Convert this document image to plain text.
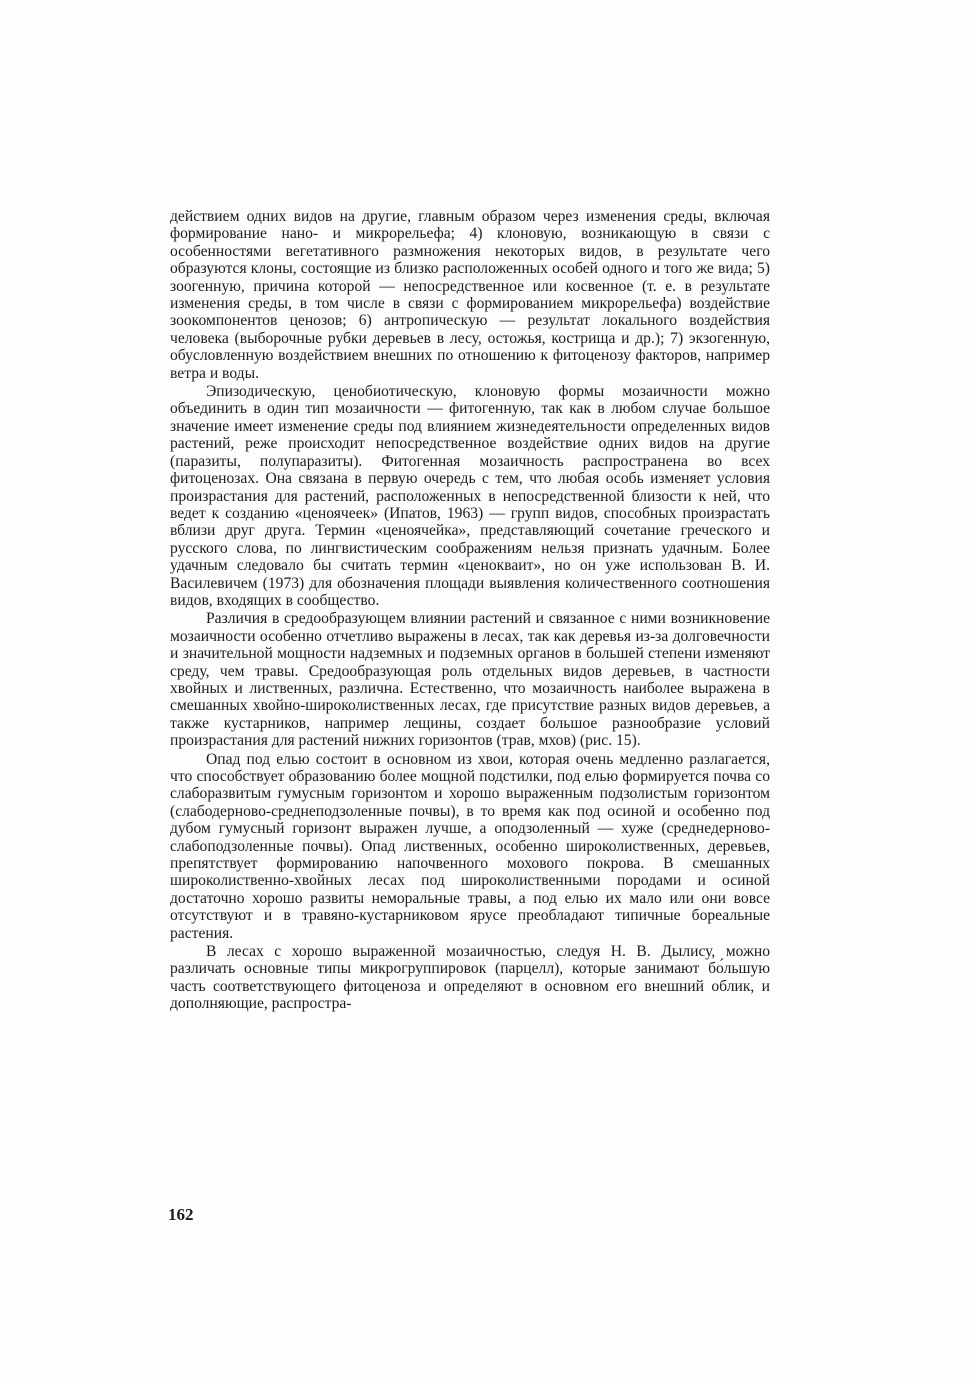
действием одних видов на другие, главным образом через изменения среды, включая формирование нано- и микрорельефа; 4) клоновую, возникающую в связи с особенностями вегетативного размножения некоторых видов, в результате чего образуются клоны, состоящие из близко расположенных особей одного и того же вида; 5) зоогенную, причина которой — непосредственное или косвенное (т. е. в результате изменения среды, в том числе в связи с формированием микрорельефа) воздействие зоокомпонентов ценозов; 6) антропическую — результат локального воздействия человека (выборочные рубки деревьев в лесу, остожья, кострища и др.); 7) экзогенную, обусловленную воздействием внешних по отношению к фитоценозу факторов, например ветра и воды.

Эпизодическую, ценобиотическую, клоновую формы мозаичности можно объединить в один тип мозаичности — фитогенную, так как в любом случае большое значение имеет изменение среды под влиянием жизнедеятельности определенных видов растений, реже происходит непосредственное воздействие одних видов на другие (паразиты, полупаразиты). Фитогенная мозаичность распространена во всех фитоценозах. Она связана в первую очередь с тем, что любая особь изменяет условия произрастания для растений, расположенных в непосредственной близости к ней, что ведет к созданию «ценоячеек» (Ипатов, 1963) — групп видов, способных произрастать вблизи друг друга. Термин «ценоячейка», представляющий сочетание греческого и русского слова, по лингвистическим соображениям нельзя признать удачным. Более удачным следовало бы считать термин «ценокваит», но он уже использован В. И. Василевичем (1973) для обозначения площади выявления количественного соотношения видов, входящих в сообщество.

Различия в средообразующем влиянии растений и связанное с ними возникновение мозаичности особенно отчетливо выражены в лесах, так как деревья из-за долговечности и значительной мощности надземных и подземных органов в большей степени изменяют среду, чем травы. Средообразующая роль отдельных видов деревьев, в частности хвойных и лиственных, различна. Естественно, что мозаичность наиболее выражена в смешанных хвойно-широколиственных лесах, где присутствие разных видов деревьев, а также кустарников, например лещины, создает большое разнообразие условий произрастания для растений нижних горизонтов (трав, мхов) (рис. 15).

Опад под елью состоит в основном из хвои, которая очень медленно разлагается, что способствует образованию более мощной подстилки, под елью формируется почва со слаборазвитым гумусным горизонтом и хорошо выраженным подзолистым горизонтом (слабодерново-среднеподзоленные почвы), в то время как под осиной и особенно под дубом гумусный горизонт выражен лучше, а оподзоленный — хуже (среднедерново-слабоподзоленные почвы). Опад лиственных, особенно широколиственных, деревьев, препятствует формированию напочвенного мохового покрова. В смешанных широколиственно-хвойных лесах под широколиственными породами и осиной достаточно хорошо развиты неморальные травы, а под елью их мало или они вовсе отсутствуют и в травяно-кустарниковом ярусе преобладают типичные бореальные растения.

В лесах с хорошо выраженной мозаичностью, следуя Н. В. Дылису, можно различать основные типы микрогруппировок (парцелл), которые занимают бо́льшую часть соответствующего фитоценоза и определяют в основном его внешний облик, и дополняющие, распростра-

162
